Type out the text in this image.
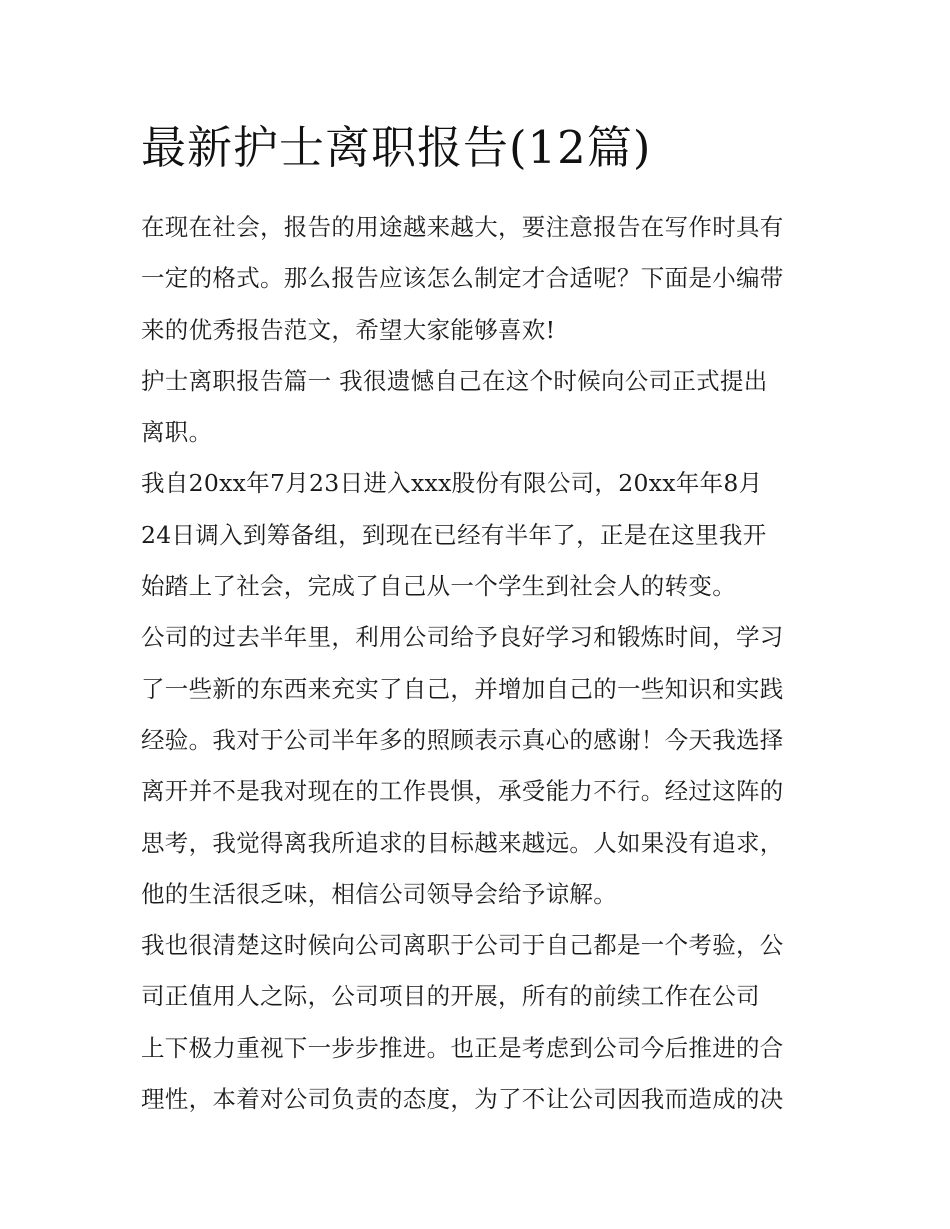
最新护士离职报告(12篇)
在现在社会，报告的用途越来越大，要注意报告在写作时具有
一定的格式。那么报告应该怎么制定才合适呢？下面是小编带
来的优秀报告范文，希望大家能够喜欢!
护士离职报告篇一 我很遗憾自己在这个时候向公司正式提出
离职。
我自20xx年7月23日进入xxx股份有限公司，20xx年年8月
24日调入到筹备组，到现在已经有半年了，正是在这里我开
始踏上了社会，完成了自己从一个学生到社会人的转变。
公司的过去半年里，利用公司给予良好学习和锻炼时间，学习
了一些新的东西来充实了自己，并增加自己的一些知识和实践
经验。我对于公司半年多的照顾表示真心的感谢！今天我选择
离开并不是我对现在的工作畏惧，承受能力不行。经过这阵的
思考，我觉得离我所追求的目标越来越远。人如果没有追求，
他的生活很乏味，相信公司领导会给予谅解。
我也很清楚这时候向公司离职于公司于自己都是一个考验，公
司正值用人之际，公司项目的开展，所有的前续工作在公司
上下极力重视下一步步推进。也正是考虑到公司今后推进的合
理性，本着对公司负责的态度，为了不让公司因我而造成的决
